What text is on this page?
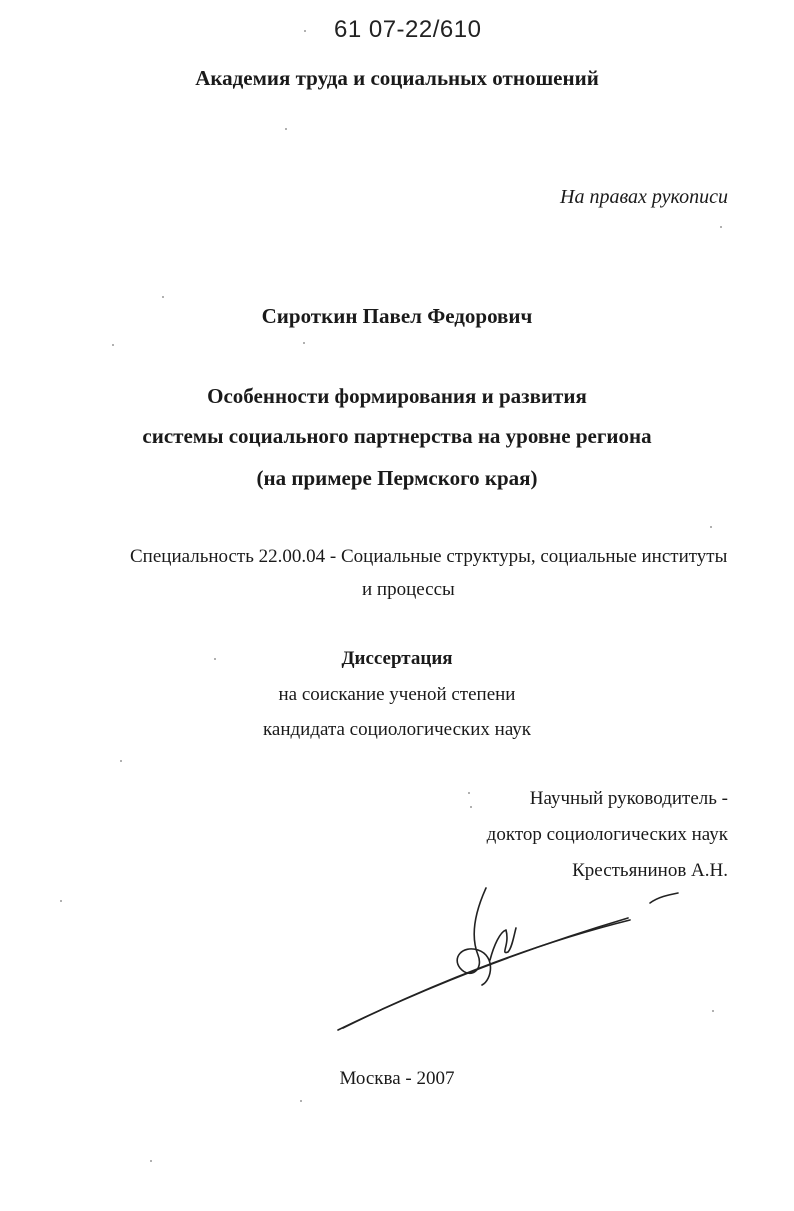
61 07-22/610
Академия труда и социальных отношений
На правах рукописи
Сироткин Павел Федорович
Особенности формирования и развития
системы социального партнерства на уровне региона
(на примере Пермского края)
Специальность 22.00.04 - Социальные структуры, социальные институты
и процессы
Диссертация
на соискание ученой степени
кандидата социологических наук
Научный руководитель -
доктор социологических наук
Крестьянинов А.Н.
Москва - 2007
